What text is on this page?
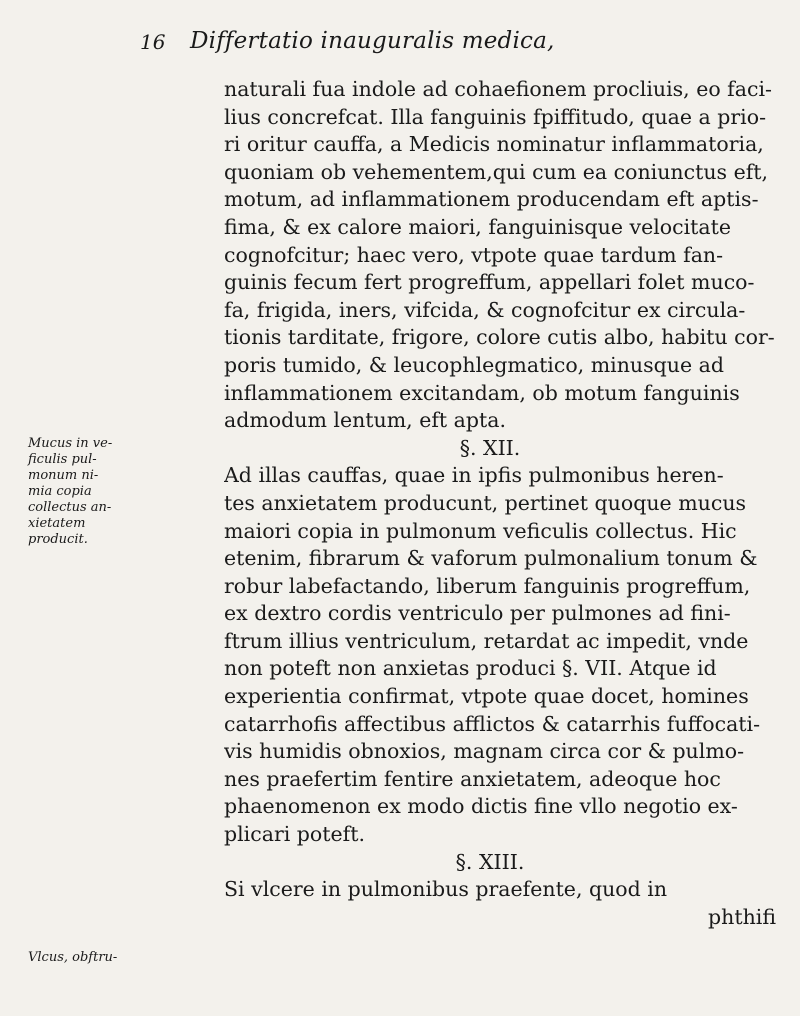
16 Differtatio inauguralis medica,
naturali fua indole ad cohaefionem procliuis, eo faci-
lius concrefcat. Illa fanguinis fpiffitudo, quae a prio-
ri oritur cauffa, a Medicis nominatur inflammatoria,
quoniam ob vehementem,qui cum ea coniunctus eft,
motum, ad inflammationem producendam eft aptis-
fima, & ex calore maiori, fanguinisque velocitate
cognofcitur; haec vero, vtpote quae tardum fan-
guinis fecum fert progreffum, appellari folet muco-
fa, frigida, iners, vifcida, & cognofcitur ex circula-
tionis tarditate, frigore, colore cutis albo, habitu cor-
poris tumido, & leucophlegmatico, minusque ad
inflammationem excitandam, ob motum fanguinis
admodum lentum, eft apta.
§. XII.
Ad illas cauffas, quae in ipfis pulmonibus heren-
tes anxietatem producunt, pertinet quoque mucus
maiori copia in pulmonum veficulis collectus. Hic
etenim, fibrarum & vaforum pulmonalium tonum &
robur labefactando, liberum fanguinis progreffum,
ex dextro cordis ventriculo per pulmones ad fini-
ftrum illius ventriculum, retardat ac impedit, vnde
non poteft non anxietas produci §. VII. Atque id
experientia confirmat, vtpote quae docet, homines
catarrhofis affectibus afflictos & catarrhis fuffocati-
vis humidis obnoxios, magnam circa cor & pulmo-
nes praefertim fentire anxietatem, adeoque hoc
phaenomenon ex modo dictis fine vllo negotio ex-
plicari poteft.
§. XIII.
Si vlcere in pulmonibus praefente, quod in
phthifi
Mucus in ve-
ficulis pul-
monum ni-
mia copia
collectus an-
xietatem
producit.
Vlcus, obftru-
